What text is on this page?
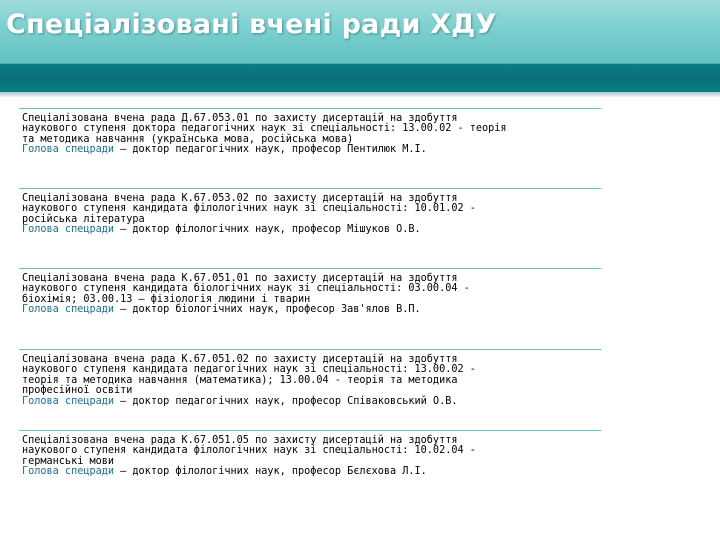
Спеціалізовані вчені ради ХДУ
Спеціалізована вчена рада Д.67.053.01 по захисту дисертацій на здобуття
наукового ступеня доктора педагогічних наук зі спеціальності: 13.00.02 - теорія
та методика навчання (українська мова, російська мова)
Голова спецради – доктор педагогічних наук, професор Пентилюк М.І.
Спеціалізована вчена рада К.67.053.02 по захисту дисертацій на здобуття
наукового ступеня кандидата філологічних наук зі спеціальності: 10.01.02 -
російська література
Голова спецради – доктор філологічних наук, професор Мішуков О.В.
Спеціалізована вчена рада К.67.051.01 по захисту дисертацій на здобуття
наукового ступеня кандидата біологічних наук зі спеціальності: 03.00.04 -
біохімія; 03.00.13 – фізіологія людини і тварин
Голова спецради – доктор біологічних наук, професор Зав'ялов В.П.
Спеціалізована вчена рада К.67.051.02 по захисту дисертацій на здобуття
наукового ступеня кандидата педагогічних наук зі спеціальності: 13.00.02 -
теорія та методика навчання (математика); 13.00.04 - теорія та методика
професійної освіти
Голова спецради – доктор педагогічних наук, професор Співаковський О.В.
Спеціалізована вчена рада К.67.051.05 по захисту дисертацій на здобуття
наукового ступеня кандидата філологічних наук зі спеціальності: 10.02.04 -
германські мови
Голова спецради – доктор філологічних наук, професор Бєлєхова Л.І.
